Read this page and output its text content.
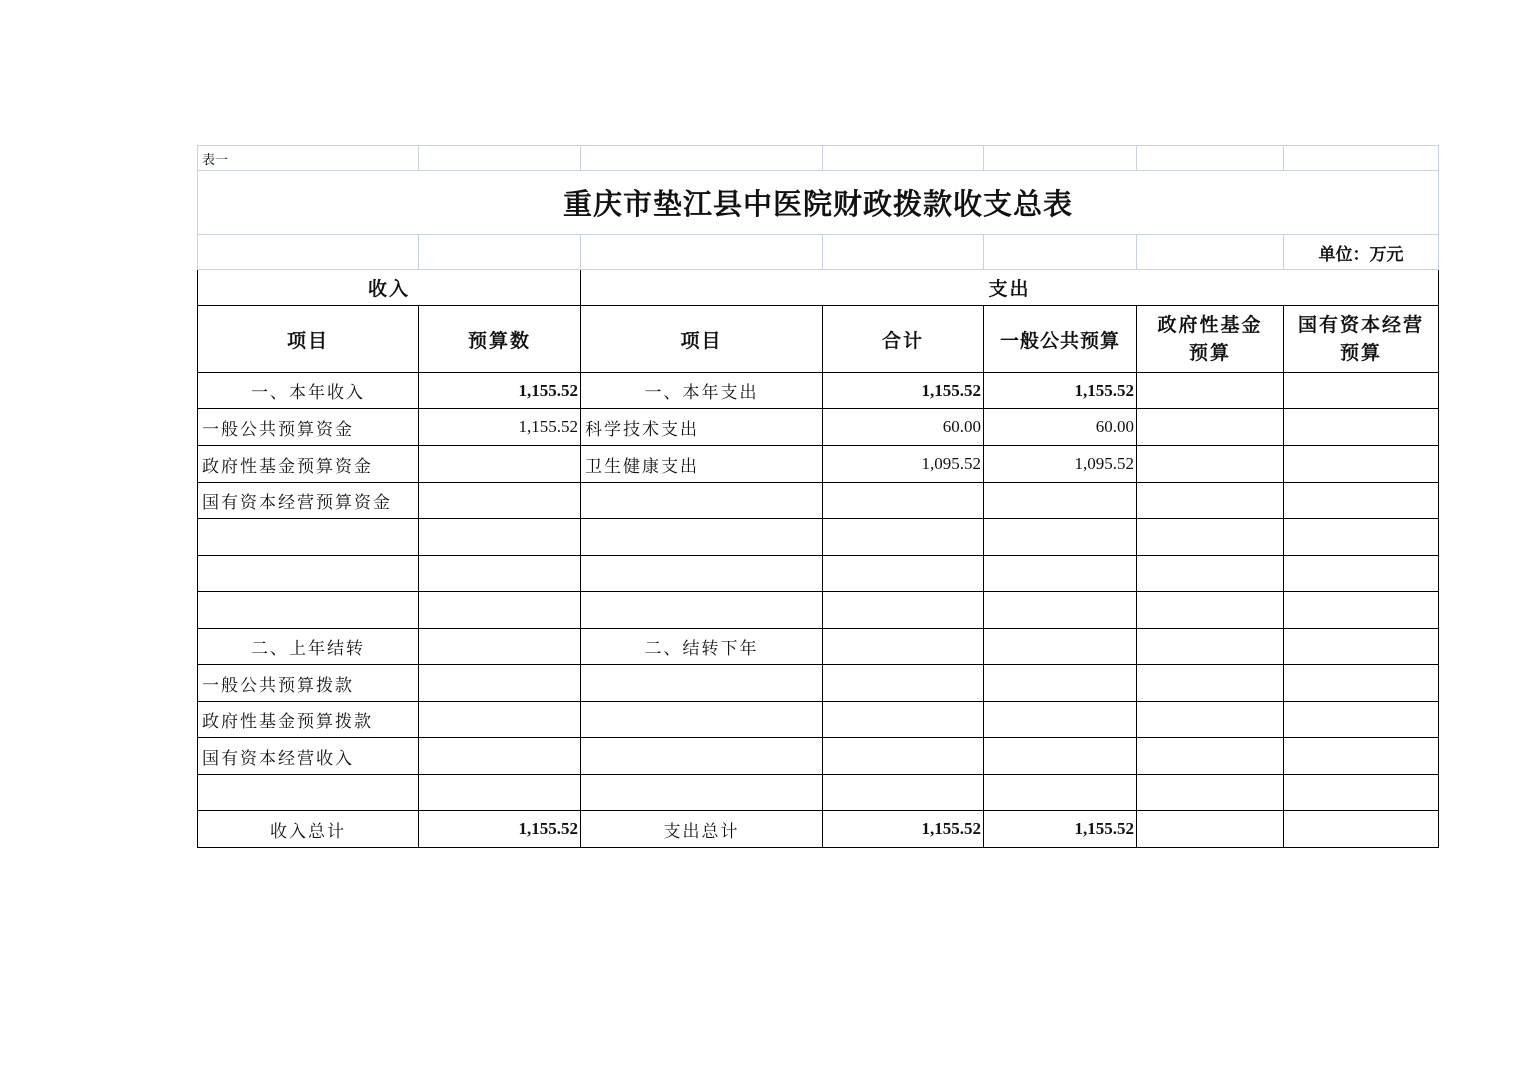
表一						
重庆市垫江县中医院财政拨款收支总表						
						单位：万元
收入		支出				
项目	预算数	项目	合计	一般公共预算	政府性基金预算	国有资本经营预算
一、本年收入	1,155.52	一、本年支出	1,155.52	1,155.52		
一般公共预算资金	1,155.52	科学技术支出	60.00	60.00		
政府性基金预算资金		卫生健康支出	1,095.52	1,095.52		
国有资本经营预算资金						

二、上年结转		二、结转下年				
一般公共预算拨款						
政府性基金预算拨款						
国有资本经营收入						

收入总计	1,155.52	支出总计	1,155.52	1,155.52		
